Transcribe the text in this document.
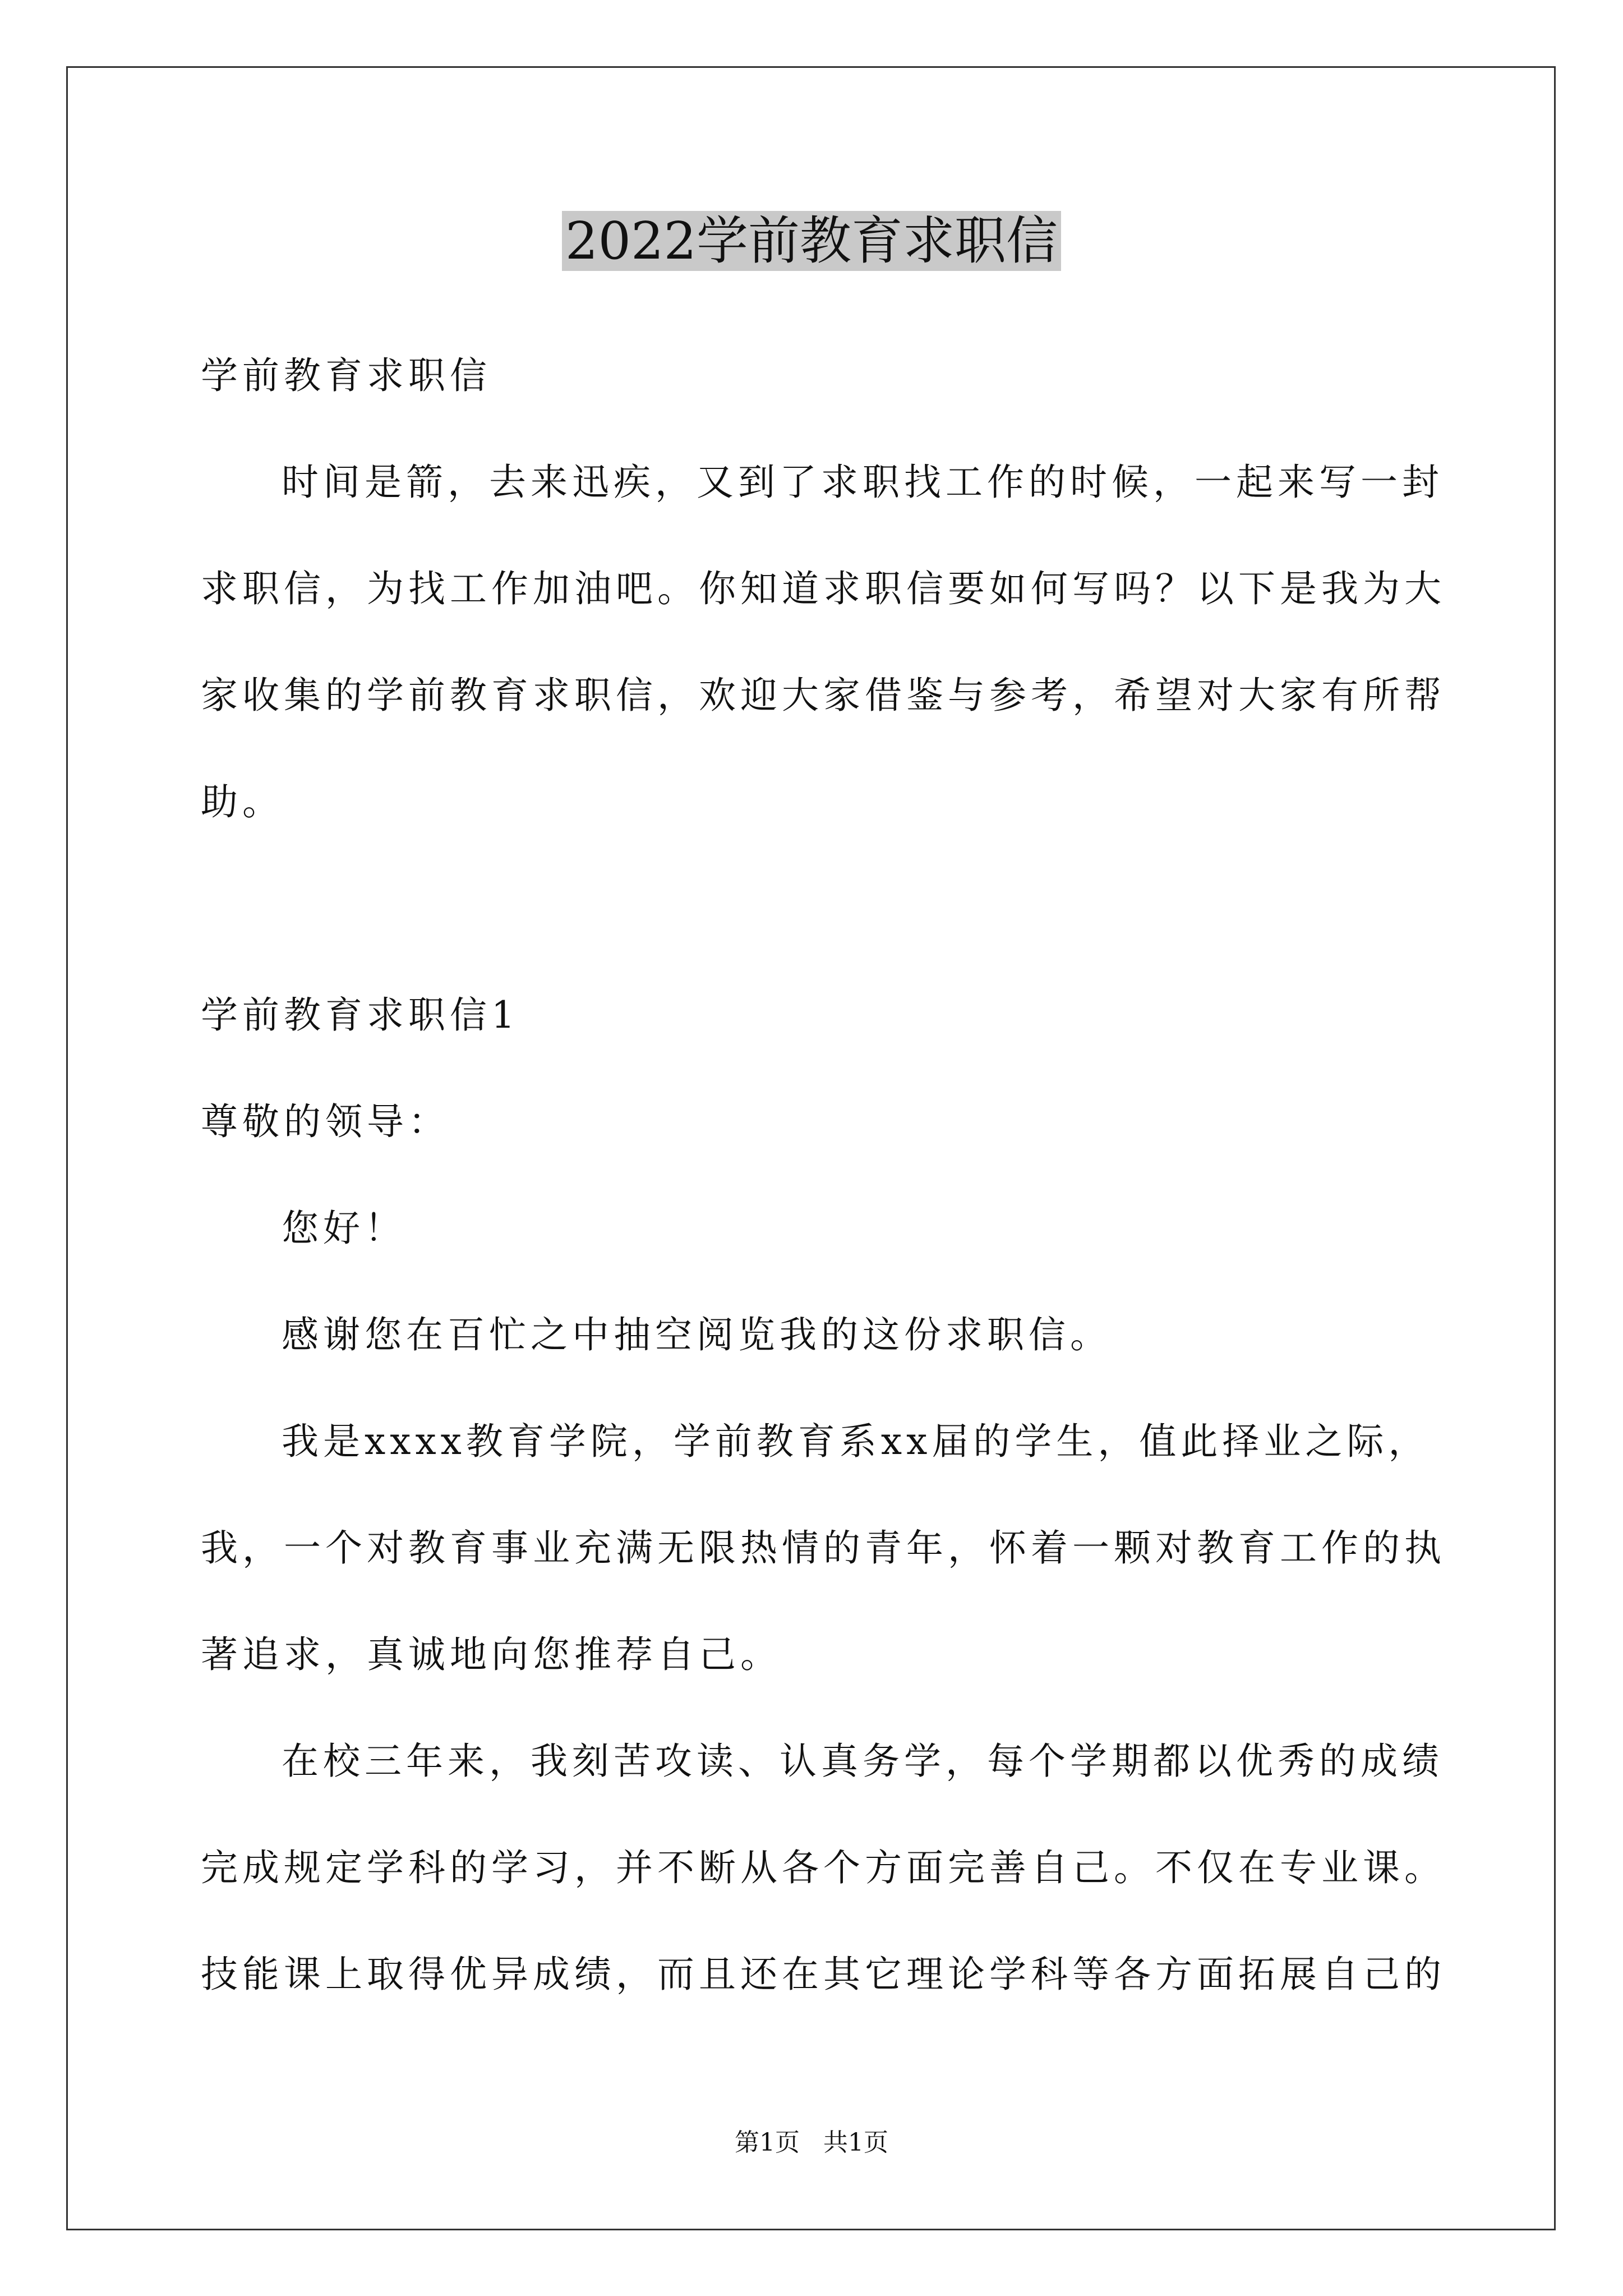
2022学前教育求职信

学前教育求职信

时间是箭，去来迅疾，又到了求职找工作的时候，一起来写一封

求职信，为找工作加油吧。你知道求职信要如何写吗？以下是我为大

家收集的学前教育求职信，欢迎大家借鉴与参考，希望对大家有所帮

助。

学前教育求职信1

尊敬的领导：

您好！

感谢您在百忙之中抽空阅览我的这份求职信。

我是xxxx教育学院，学前教育系xx届的学生，值此择业之际，

我，一个对教育事业充满无限热情的青年，怀着一颗对教育工作的执

著追求，真诚地向您推荐自己。

在校三年来，我刻苦攻读、认真务学，每个学期都以优秀的成绩

完成规定学科的学习，并不断从各个方面完善自己。不仅在专业课。

技能课上取得优异成绩，而且还在其它理论学科等各方面拓展自己的

第1页 共1页
